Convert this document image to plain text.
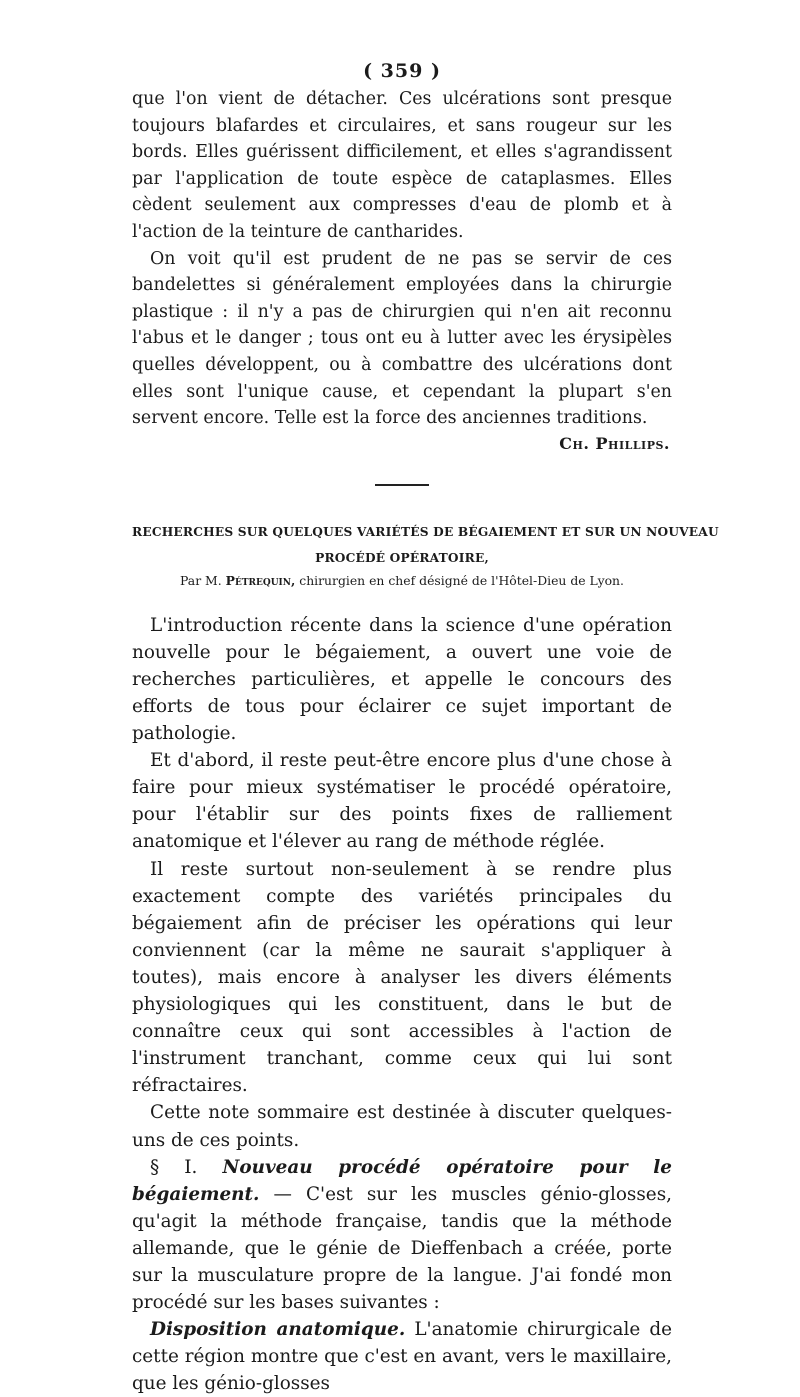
( 359 )

que l'on vient de détacher. Ces ulcérations sont presque toujours blafardes et circulaires, et sans rougeur sur les bords. Elles guérissent difficilement, et elles s'agrandissent par l'application de toute espèce de cataplasmes. Elles cèdent seulement aux compresses d'eau de plomb et à l'action de la teinture de cantharides.

On voit qu'il est prudent de ne pas se servir de ces bandelettes si généralement employées dans la chirurgie plastique : il n'y a pas de chirurgien qui n'en ait reconnu l'abus et le danger ; tous ont eu à lutter avec les érysipèles quelles développent, ou à combattre des ulcérations dont elles sont l'unique cause, et cependant la plupart s'en servent encore. Telle est la force des anciennes traditions.

Ch. Phillips.
RECHERCHES SUR QUELQUES VARIÉTÉS DE BÉGAIEMENT ET SUR UN NOUVEAU
PROCÉDÉ OPÉRATOIRE,
Par M. Pétrequin, chirurgien en chef désigné de l'Hôtel-Dieu de Lyon.

L'introduction récente dans la science d'une opération nouvelle pour le bégaiement, a ouvert une voie de recherches particulières, et appelle le concours des efforts de tous pour éclairer ce sujet important de pathologie.

Et d'abord, il reste peut-être encore plus d'une chose à faire pour mieux systématiser le procédé opératoire, pour l'établir sur des points fixes de ralliement anatomique et l'élever au rang de méthode réglée.

Il reste surtout non-seulement à se rendre plus exactement compte des variétés principales du bégaiement afin de préciser les opérations qui leur conviennent (car la même ne saurait s'appliquer à toutes), mais encore à analyser les divers éléments physiologiques qui les constituent, dans le but de connaître ceux qui sont accessibles à l'action de l'instrument tranchant, comme ceux qui lui sont réfractaires.

Cette note sommaire est destinée à discuter quelques-uns de ces points.

§ I. Nouveau procédé opératoire pour le bégaiement. — C'est sur les muscles génio-glosses, qu'agit la méthode française, tandis que la méthode allemande, que le génie de Dieffenbach a créée, porte sur la musculature propre de la langue. J'ai fondé mon procédé sur les bases suivantes :

Disposition anatomique. L'anatomie chirurgicale de cette région montre que c'est en avant, vers le maxillaire, que les génio-glosses
